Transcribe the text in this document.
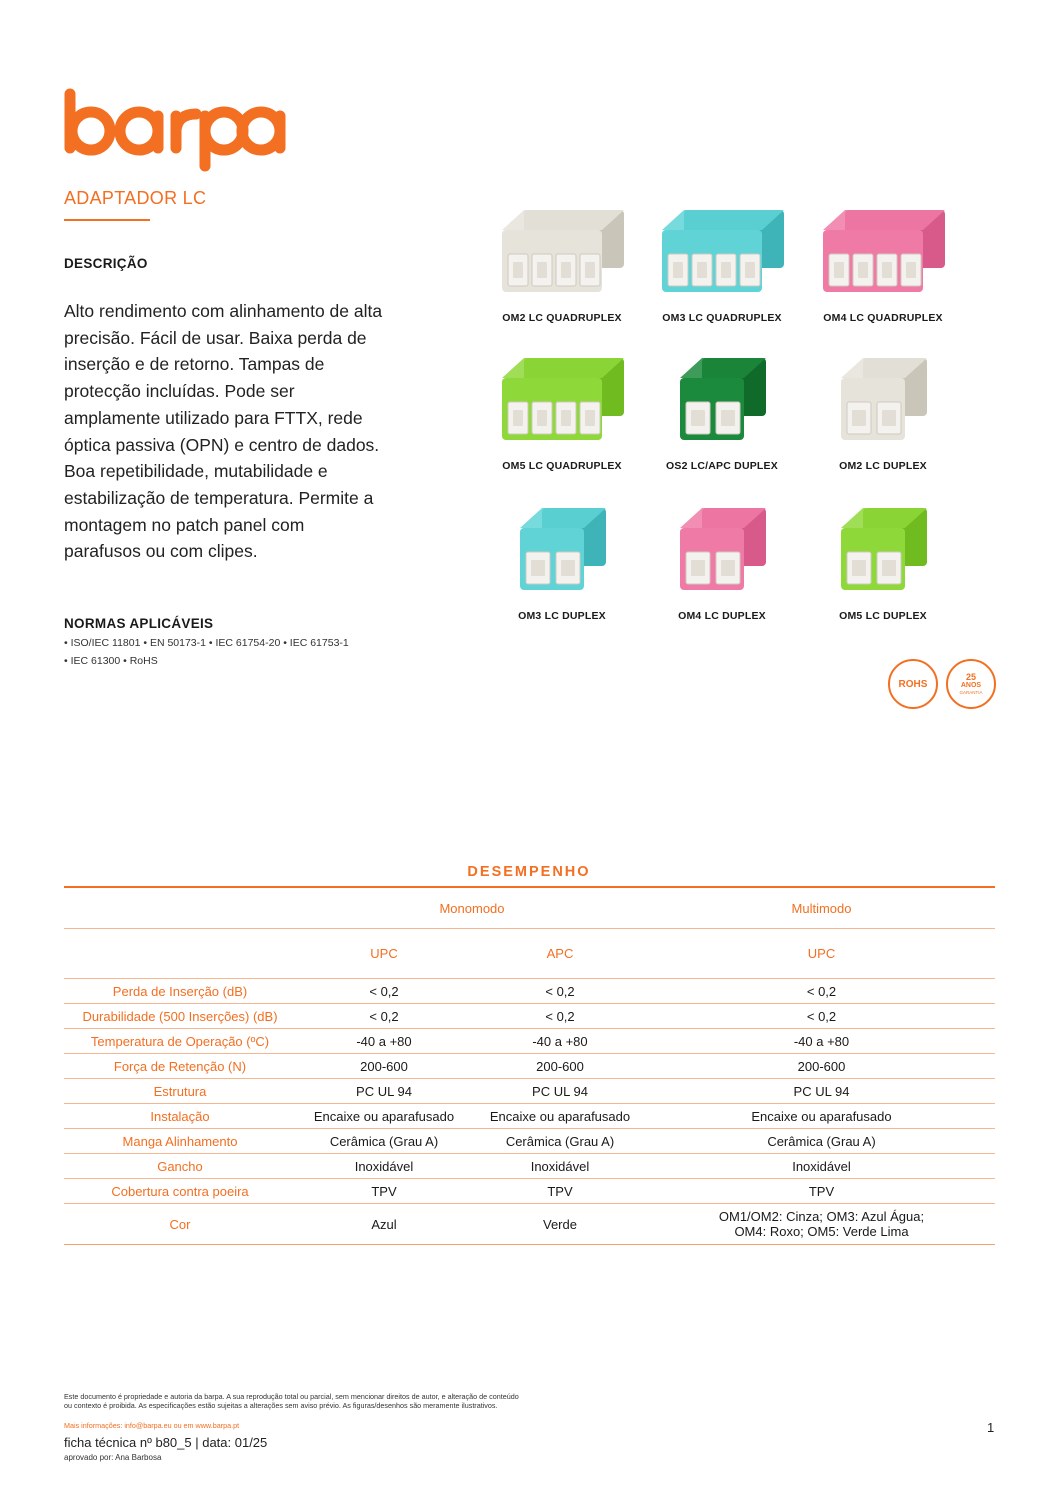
ADAPTADOR LC
DESCRIÇÃO
Alto rendimento com alinhamento de alta precisão. Fácil de usar. Baixa perda de inserção e de retorno. Tampas de protecção incluídas. Pode ser amplamente utilizado para FTTX, rede óptica passiva (OPN) e centro de dados. Boa repetibilidade, mutabilidade e estabilização de temperatura. Permite a montagem no patch panel com parafusos ou com clipes.
NORMAS APLICÁVEIS
• ISO/IEC 11801 • EN 50173-1 • IEC 61754-20 • IEC 61753-1
• IEC 61300 • RoHS
OM2 LC QUADRUPLEX	OM3 LC QUADRUPLEX	OM4 LC QUADRUPLEX
OM5 LC QUADRUPLEX	OS2 LC/APC DUPLEX	OM2 LC DUPLEX
OM3 LC DUPLEX	OM4 LC DUPLEX	OM5 LC DUPLEX
ROHS
25
ANOS
GARANTIA
DESEMPENHO
	Monomodo		Multimodo
	UPC	APC	UPC
Perda de Inserção (dB)	< 0,2	< 0,2	< 0,2
Durabilidade (500 Inserções) (dB)	< 0,2	< 0,2	< 0,2
Temperatura de Operação (ºC)	-40 a +80	-40 a +80	-40 a +80
Força de Retenção (N)	200-600	200-600	200-600
Estrutura	PC UL 94	PC UL 94	PC UL 94
Instalação	Encaixe ou aparafusado	Encaixe ou aparafusado	Encaixe ou aparafusado
Manga Alinhamento	Cerâmica (Grau A)	Cerâmica (Grau A)	Cerâmica (Grau A)
Gancho	Inoxidável	Inoxidável	Inoxidável
Cobertura contra poeira	TPV	TPV	TPV
Cor	Azul	Verde	OM1/OM2: Cinza; OM3: Azul Água;
OM4: Roxo; OM5: Verde Lima
Este documento é propriedade e autoria da barpa. A sua reprodução total ou parcial, sem mencionar direitos de autor, e alteração de conteúdo ou contexto é proibida. As especificações estão sujeitas a alterações sem aviso prévio. As figuras/desenhos são meramente ilustrativos.
Mais informações: info@barpa.eu ou em www.barpa.pt
ficha técnica nº b80_5 | data: 01/25
aprovado por: Ana Barbosa
1
